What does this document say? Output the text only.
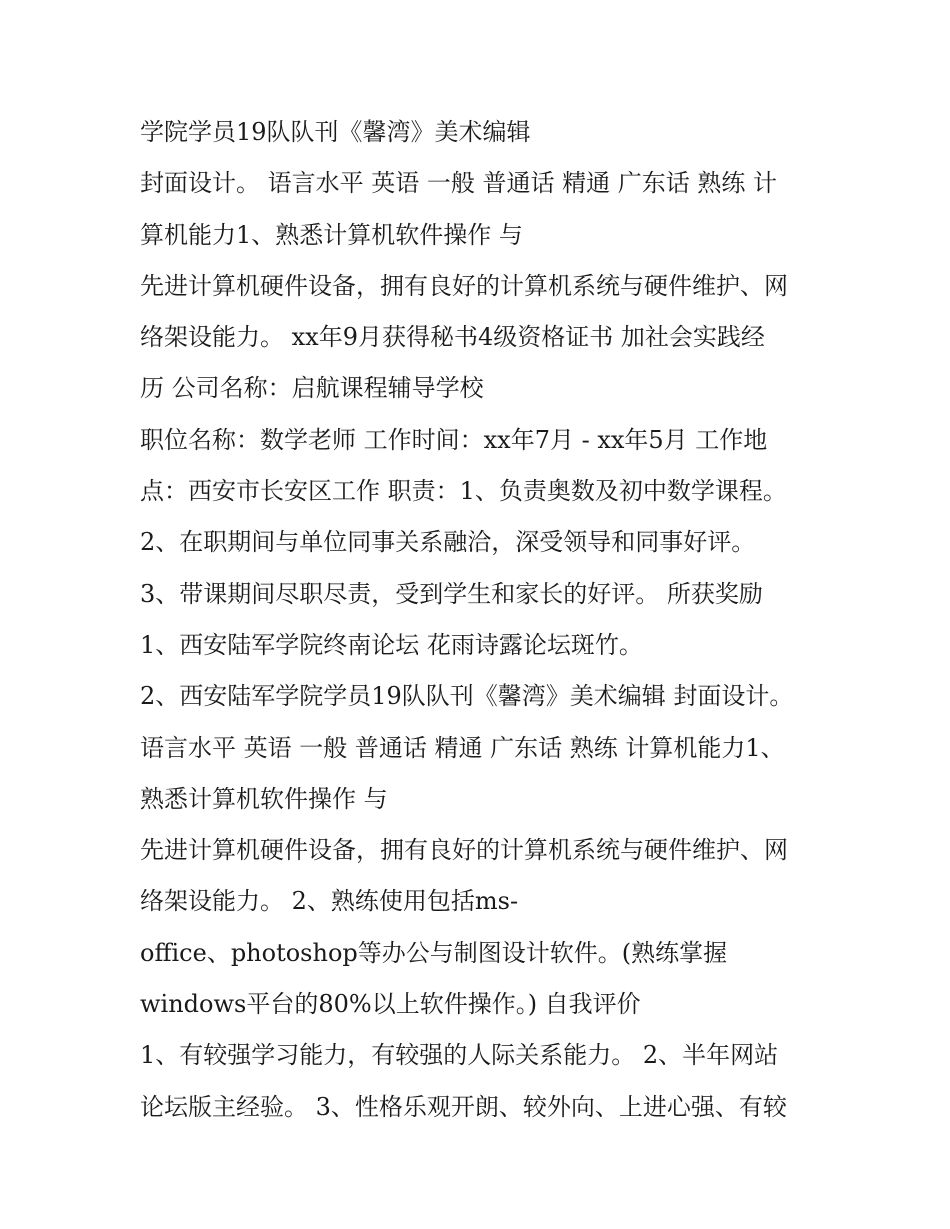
学院学员19队队刊《馨湾》美术编辑
封面设计。 语言水平 英语 一般 普通话 精通 广东话 熟练 计
算机能力1、熟悉计算机软件操作 与
先进计算机硬件设备，拥有良好的计算机系统与硬件维护、网
络架设能力。 xx年9月获得秘书4级资格证书 加社会实践经
历 公司名称：启航课程辅导学校
职位名称：数学老师 工作时间：xx年7月 - xx年5月 工作地
点：西安市长安区工作 职责：1、负责奥数及初中数学课程。
2、在职期间与单位同事关系融洽，深受领导和同事好评。
3、带课期间尽职尽责，受到学生和家长的好评。 所获奖励
1、西安陆军学院终南论坛 花雨诗露论坛斑竹。
2、西安陆军学院学员19队队刊《馨湾》美术编辑 封面设计。
语言水平 英语 一般 普通话 精通 广东话 熟练 计算机能力1、
熟悉计算机软件操作 与
先进计算机硬件设备，拥有良好的计算机系统与硬件维护、网
络架设能力。 2、熟练使用包括ms-
office、photoshop等办公与制图设计软件。(熟练掌握
windows平台的80%以上软件操作。) 自我评价
1、有较强学习能力，有较强的人际关系能力。 2、半年网站
论坛版主经验。 3、性格乐观开朗、较外向、上进心强、有较
